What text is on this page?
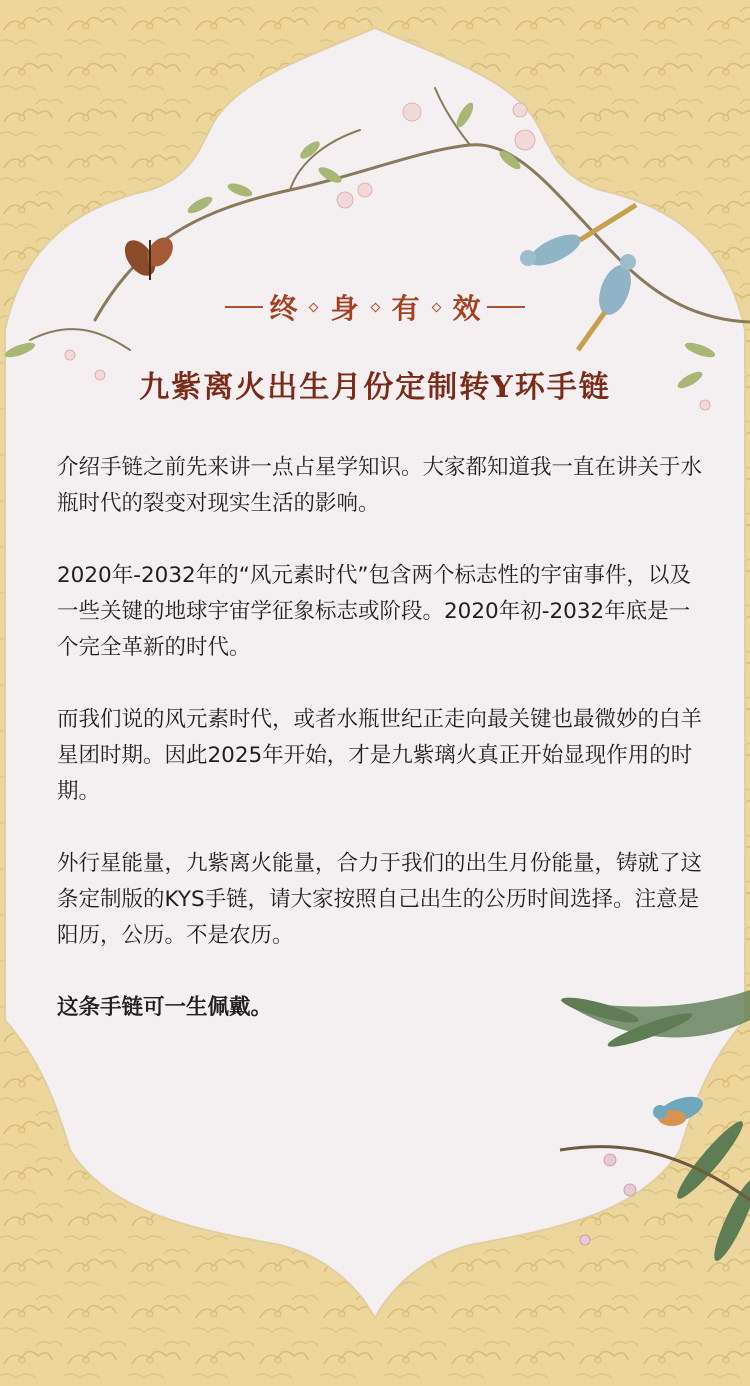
终 身 有 效
九紫离火出生月份定制转Y环手链

介绍手链之前先来讲一点占星学知识。大家都知道我一直在讲关于水瓶时代的裂变对现实生活的影响。

2020年-2032年的“风元素时代”包含两个标志性的宇宙事件，以及一些关键的地球宇宙学征象标志或阶段。2020年初-2032年底是一个完全革新的时代。

而我们说的风元素时代，或者水瓶世纪正走向最关键也最微妙的白羊星团时期。因此2025年开始，才是九紫璃火真正开始显现作用的时期。

外行星能量，九紫离火能量，合力于我们的出生月份能量，铸就了这条定制版的KYS手链，请大家按照自己出生的公历时间选择。注意是阳历，公历。不是农历。

这条手链可一生佩戴。
